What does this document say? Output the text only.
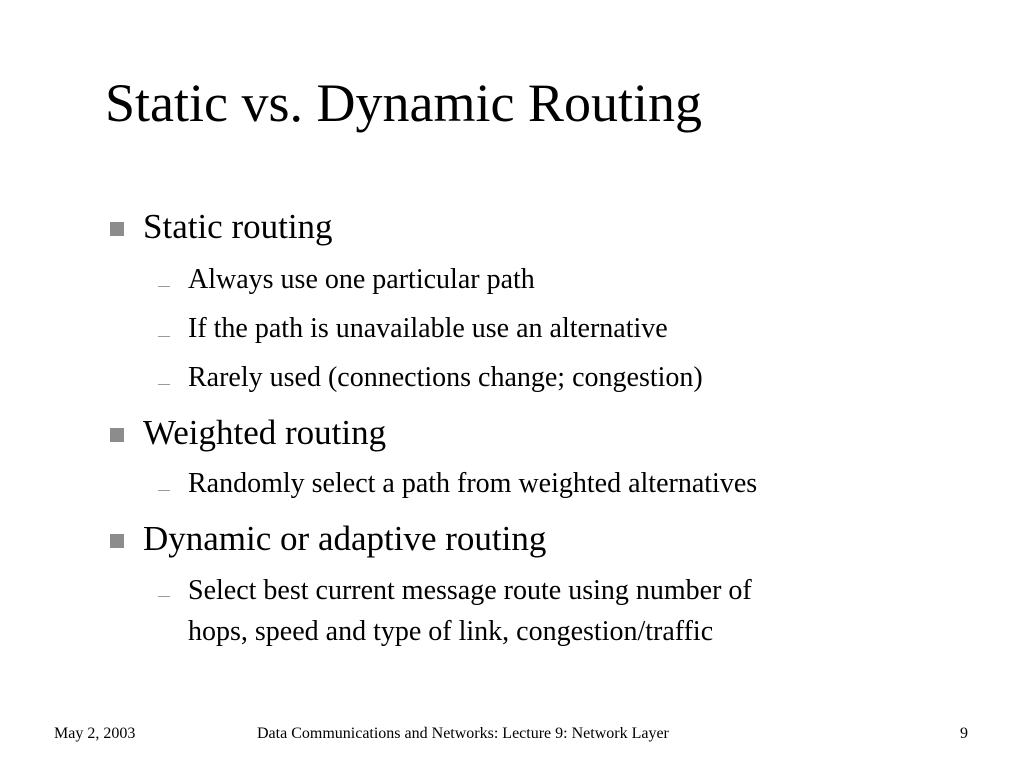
Static vs. Dynamic Routing
Static routing
Always use one particular path
If the path is unavailable use an alternative
Rarely used (connections change; congestion)
Weighted routing
Randomly select a path from weighted alternatives
Dynamic or adaptive routing
Select best current message route using number of
hops, speed and type of link, congestion/traffic
May 2, 2003	Data Communications and Networks: Lecture 9: Network Layer	9
